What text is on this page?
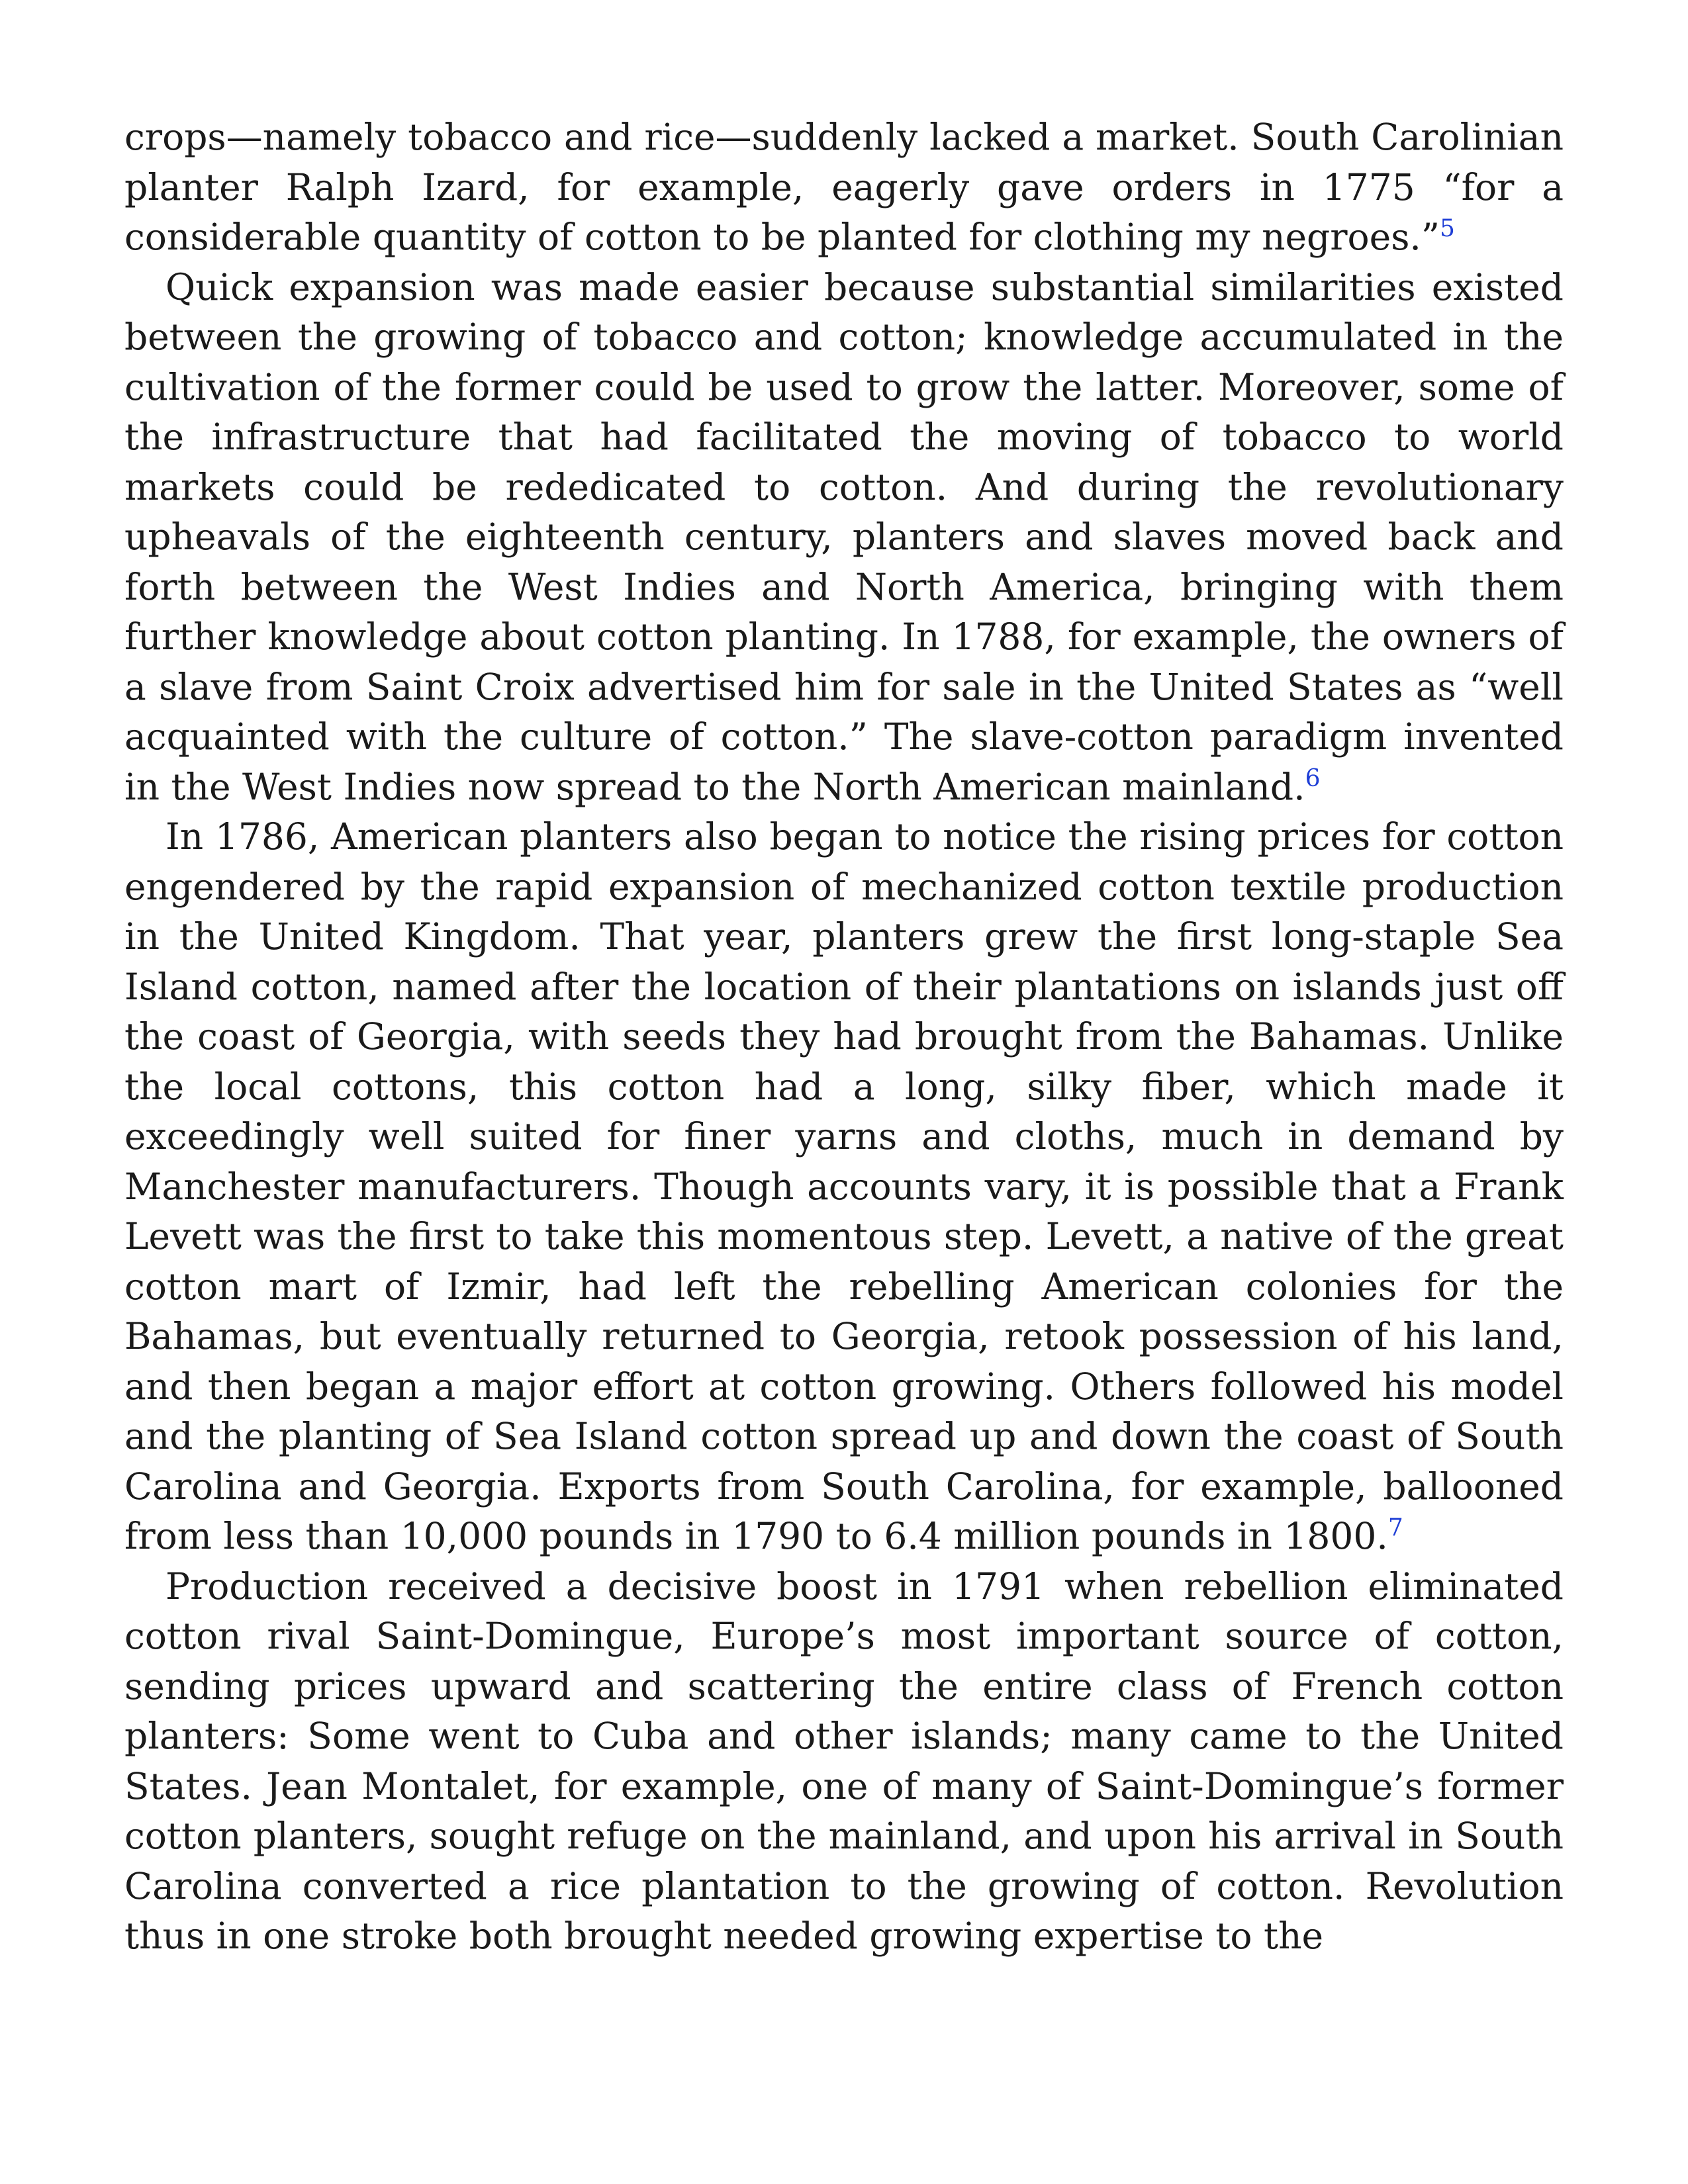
crops—namely tobacco and rice—suddenly lacked a market. South Carolinian planter Ralph Izard, for example, eagerly gave orders in 1775 “for a considerable quantity of cotton to be planted for clothing my negroes.”$^5$

Quick expansion was made easier because substantial similarities existed between the growing of tobacco and cotton; knowledge accumulated in the cultivation of the former could be used to grow the latter. Moreover, some of the infrastructure that had facilitated the moving of tobacco to world markets could be rededicated to cotton. And during the revolutionary upheavals of the eighteenth century, planters and slaves moved back and forth between the West Indies and North America, bringing with them further knowledge about cotton planting. In 1788, for example, the owners of a slave from Saint Croix advertised him for sale in the United States as “well acquainted with the culture of cotton.” The slave-cotton paradigm invented in the West Indies now spread to the North American mainland.$^6$

In 1786, American planters also began to notice the rising prices for cotton engendered by the rapid expansion of mechanized cotton textile production in the United Kingdom. That year, planters grew the first long-staple Sea Island cotton, named after the location of their plantations on islands just off the coast of Georgia, with seeds they had brought from the Bahamas. Unlike the local cottons, this cotton had a long, silky fiber, which made it exceedingly well suited for finer yarns and cloths, much in demand by Manchester manufacturers. Though accounts vary, it is possible that a Frank Levett was the first to take this momentous step. Levett, a native of the great cotton mart of Izmir, had left the rebelling American colonies for the Bahamas, but eventually returned to Georgia, retook possession of his land, and then began a major effort at cotton growing. Others followed his model and the planting of Sea Island cotton spread up and down the coast of South Carolina and Georgia. Exports from South Carolina, for example, ballooned from less than 10,000 pounds in 1790 to 6.4 million pounds in 1800.$^7$

Production received a decisive boost in 1791 when rebellion eliminated cotton rival Saint-Domingue, Europe’s most important source of cotton, sending prices upward and scattering the entire class of French cotton planters: Some went to Cuba and other islands; many came to the United States. Jean Montalet, for example, one of many of Saint-Domingue’s former cotton planters, sought refuge on the mainland, and upon his arrival in South Carolina converted a rice plantation to the growing of cotton. Revolution thus in one stroke both brought needed growing expertise to the
